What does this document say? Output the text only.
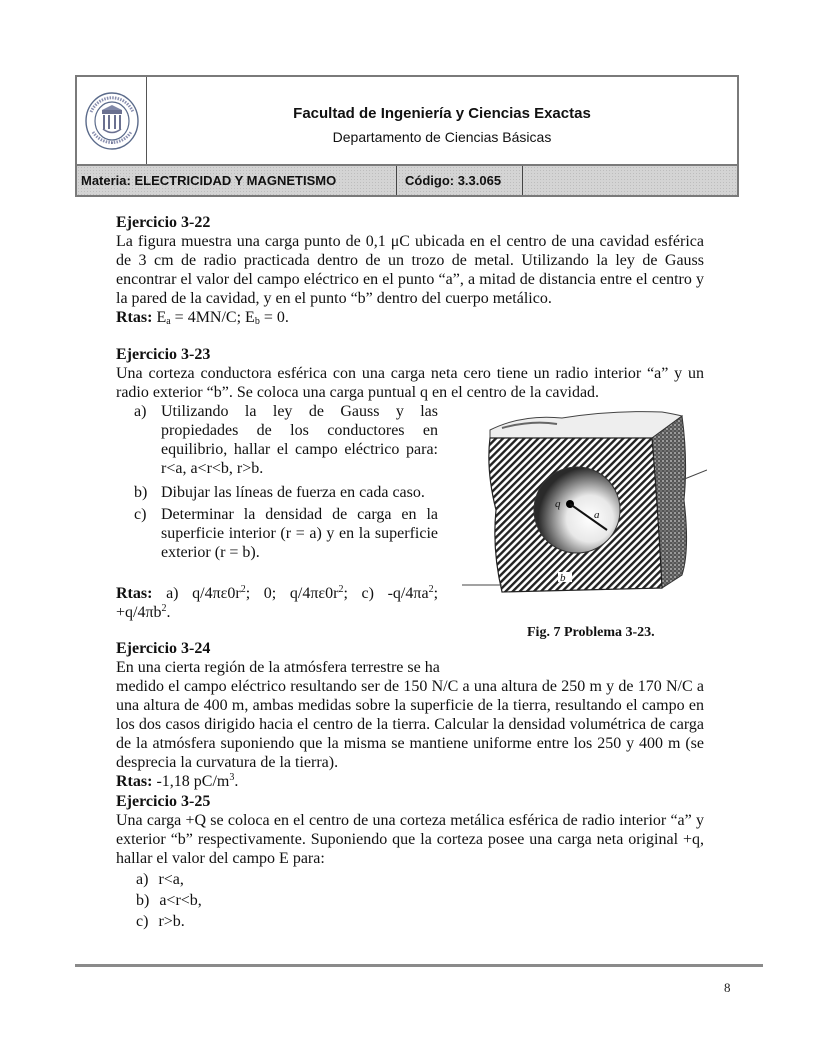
Facultad de Ingeniería y Ciencias Exactas
Departamento de Ciencias Básicas
Materia: ELECTRICIDAD Y MAGNETISMO	Código: 3.3.065
Ejercicio 3-22
La figura muestra una carga punto de 0,1 μC ubicada en el centro de una cavidad esférica de 3 cm de radio practicada dentro de un trozo de metal. Utilizando la ley de Gauss encontrar el valor del campo eléctrico en el punto “a”, a mitad de distancia entre el centro y la pared de la cavidad, y en el punto “b” dentro del cuerpo metálico.
Rtas: $E_a = 4MN/C$; $E_b = 0$.
Ejercicio 3-23
Una corteza conductora esférica con una carga neta cero tiene un radio interior “a” y un radio exterior “b”. Se coloca una carga puntual q en el centro de la cavidad.
a) Utilizando la ley de Gauss y las propiedades de los conductores en equilibrio, hallar el campo eléctrico para: r<a, a<r<b, r>b.
b) Dibujar las líneas de fuerza en cada caso.
c) Determinar la densidad de carga en la superficie interior (r = a) y en la superficie exterior (r = b).
Rtas: a) $q/4\pi\varepsilon 0r^2$; 0; $q/4\pi\varepsilon 0r^2$; c) $-q/4\pi a^2$; $+q/4\pi b^2$.
q
a
b
Fig. 7 Problema 3-23.
Ejercicio 3-24
En una cierta región de la atmósfera terrestre se ha
medido el campo eléctrico resultando ser de 150 N/C a una altura de 250 m y de 170 N/C a una altura de 400 m, ambas medidas sobre la superficie de la tierra, resultando el campo en los dos casos dirigido hacia el centro de la tierra. Calcular la densidad volumétrica de carga de la atmósfera suponiendo que la misma se mantiene uniforme entre los 250 y 400 m (se desprecia la curvatura de la tierra).
Rtas: -1,18 $pC/m^3$.
Ejercicio 3-25
Una carga +Q se coloca en el centro de una corteza metálica esférica de radio interior “a” y exterior “b” respectivamente. Suponiendo que la corteza posee una carga neta original +q, hallar el valor del campo E para:
a) r<a,
b) a<r<b,
c) r>b.
8
